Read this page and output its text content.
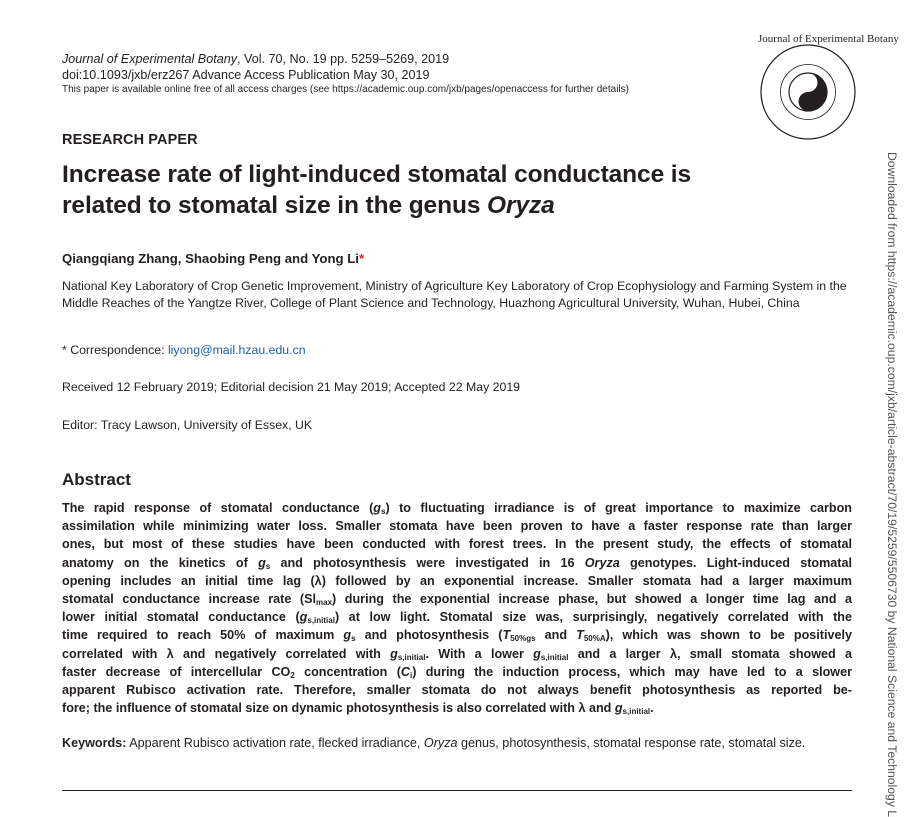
Journal of Experimental Botany, Vol. 70, No. 19 pp. 5259–5269, 2019
doi:10.1093/jxb/erz267 Advance Access Publication May 30, 2019
This paper is available online free of all access charges (see https://academic.oup.com/jxb/pages/openaccess for further details)
Journal of Experimental Botany
RESEARCH PAPER
Increase rate of light-induced stomatal conductance is
related to stomatal size in the genus Oryza
Qiangqiang Zhang, Shaobing Peng and Yong Li*
National Key Laboratory of Crop Genetic Improvement, Ministry of Agriculture Key Laboratory of Crop Ecophysiology and Farming System in the Middle Reaches of the Yangtze River, College of Plant Science and Technology, Huazhong Agricultural University, Wuhan, Hubei, China
* Correspondence: liyong@mail.hzau.edu.cn
Received 12 February 2019; Editorial decision 21 May 2019; Accepted 22 May 2019
Editor: Tracy Lawson, University of Essex, UK
Abstract
The rapid response of stomatal conductance $(g_s)$ to fluctuating irradiance is of great importance to maximize carbon
assimilation while minimizing water loss. Smaller stomata have been proven to have a faster response rate than larger
ones, but most of these studies have been conducted with forest trees. In the present study, the effects of stomatal
anatomy on the kinetics of $g_s$ and photosynthesis were investigated in 16 Oryza genotypes. Light-induced stomatal
opening includes an initial time lag (λ) followed by an exponential increase. Smaller stomata had a larger maximum
stomatal conductance increase rate $(Sl_{max})$ during the exponential increase phase, but showed a longer time lag and a
lower initial stomatal conductance $(g_{s,initial})$ at low light. Stomatal size was, surprisingly, negatively correlated with the
time required to reach 50% of maximum $g_s$ and photosynthesis ($T_{50\%gs}$ and $T_{50\%A}$), which was shown to be positively
correlated with λ and negatively correlated with $g_{s,initial}$. With a lower $g_{s,initial}$ and a larger λ, small stomata showed a
faster decrease of intercellular $CO_2$ concentration $(C_i)$ during the induction process, which may have led to a slower
apparent Rubisco activation rate. Therefore, smaller stomata do not always benefit photosynthesis as reported be-
fore; the influence of stomatal size on dynamic photosynthesis is also correlated with λ and $g_{s,initial}$.
Keywords: Apparent Rubisco activation rate, flecked irradiance, Oryza genus, photosynthesis, stomatal response rate, stomatal size.	Downloaded from https://academic.oup.com/jxb/article-abstract/70/19/5259/5506730 by National Science and Technology L
